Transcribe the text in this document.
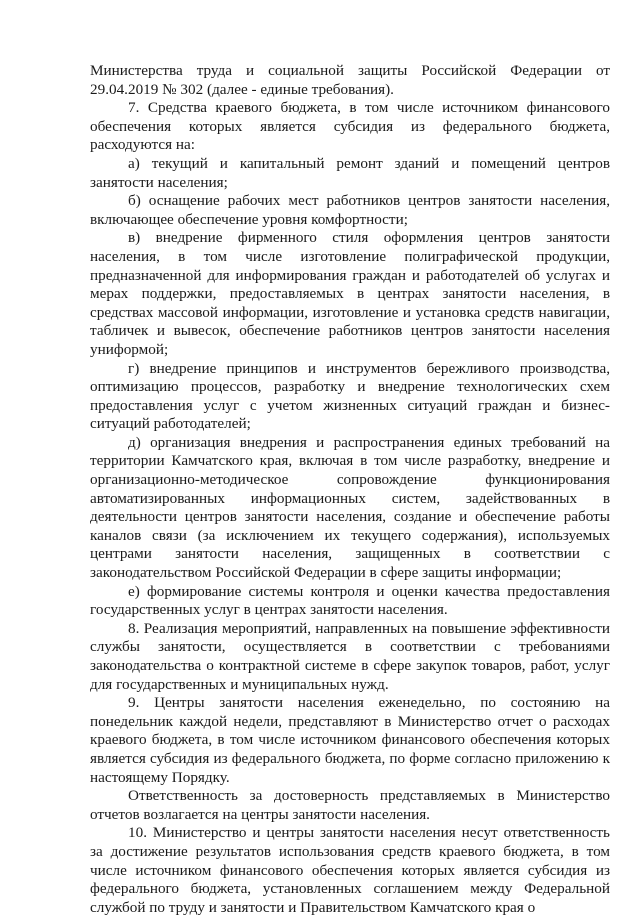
Министерства труда и социальной защиты Российской Федерации от 29.04.2019 № 302 (далее - единые требования).

7. Средства краевого бюджета, в том числе источником финансового обеспечения которых является субсидия из федерального бюджета, расходуются на:

а) текущий и капитальный ремонт зданий и помещений центров занятости населения;

б) оснащение рабочих мест работников центров занятости населения, включающее обеспечение уровня комфортности;

в) внедрение фирменного стиля оформления центров занятости населения, в том числе изготовление полиграфической продукции, предназначенной для информирования граждан и работодателей об услугах и мерах поддержки, предоставляемых в центрах занятости населения, в средствах массовой информации, изготовление и установка средств навигации, табличек и вывесок, обеспечение работников центров занятости населения униформой;

г) внедрение принципов и инструментов бережливого производства, оптимизацию процессов, разработку и внедрение технологических схем предоставления услуг с учетом жизненных ситуаций граждан и бизнес-ситуаций работодателей;

д) организация внедрения и распространения единых требований на территории Камчатского края, включая в том числе разработку, внедрение и организационно-методическое сопровождение функционирования автоматизированных информационных систем, задействованных в деятельности центров занятости населения, создание и обеспечение работы каналов связи (за исключением их текущего содержания), используемых центрами занятости населения, защищенных в соответствии с законодательством Российской Федерации в сфере защиты информации;

е) формирование системы контроля и оценки качества предоставления государственных услуг в центрах занятости населения.

8. Реализация мероприятий, направленных на повышение эффективности службы занятости, осуществляется в соответствии с требованиями законодательства о контрактной системе в сфере закупок товаров, работ, услуг для государственных и муниципальных нужд.

9. Центры занятости населения еженедельно, по состоянию на понедельник каждой недели, представляют в Министерство отчет о расходах краевого бюджета, в том числе источником финансового обеспечения которых является субсидия из федерального бюджета, по форме согласно приложению к настоящему Порядку.

Ответственность за достоверность представляемых в Министерство отчетов возлагается на центры занятости населения.

10. Министерство и центры занятости населения несут ответственность за достижение результатов использования средств краевого бюджета, в том числе источником финансового обеспечения которых является субсидия из федерального бюджета, установленных соглашением между Федеральной службой по труду и занятости и Правительством Камчатского края о
